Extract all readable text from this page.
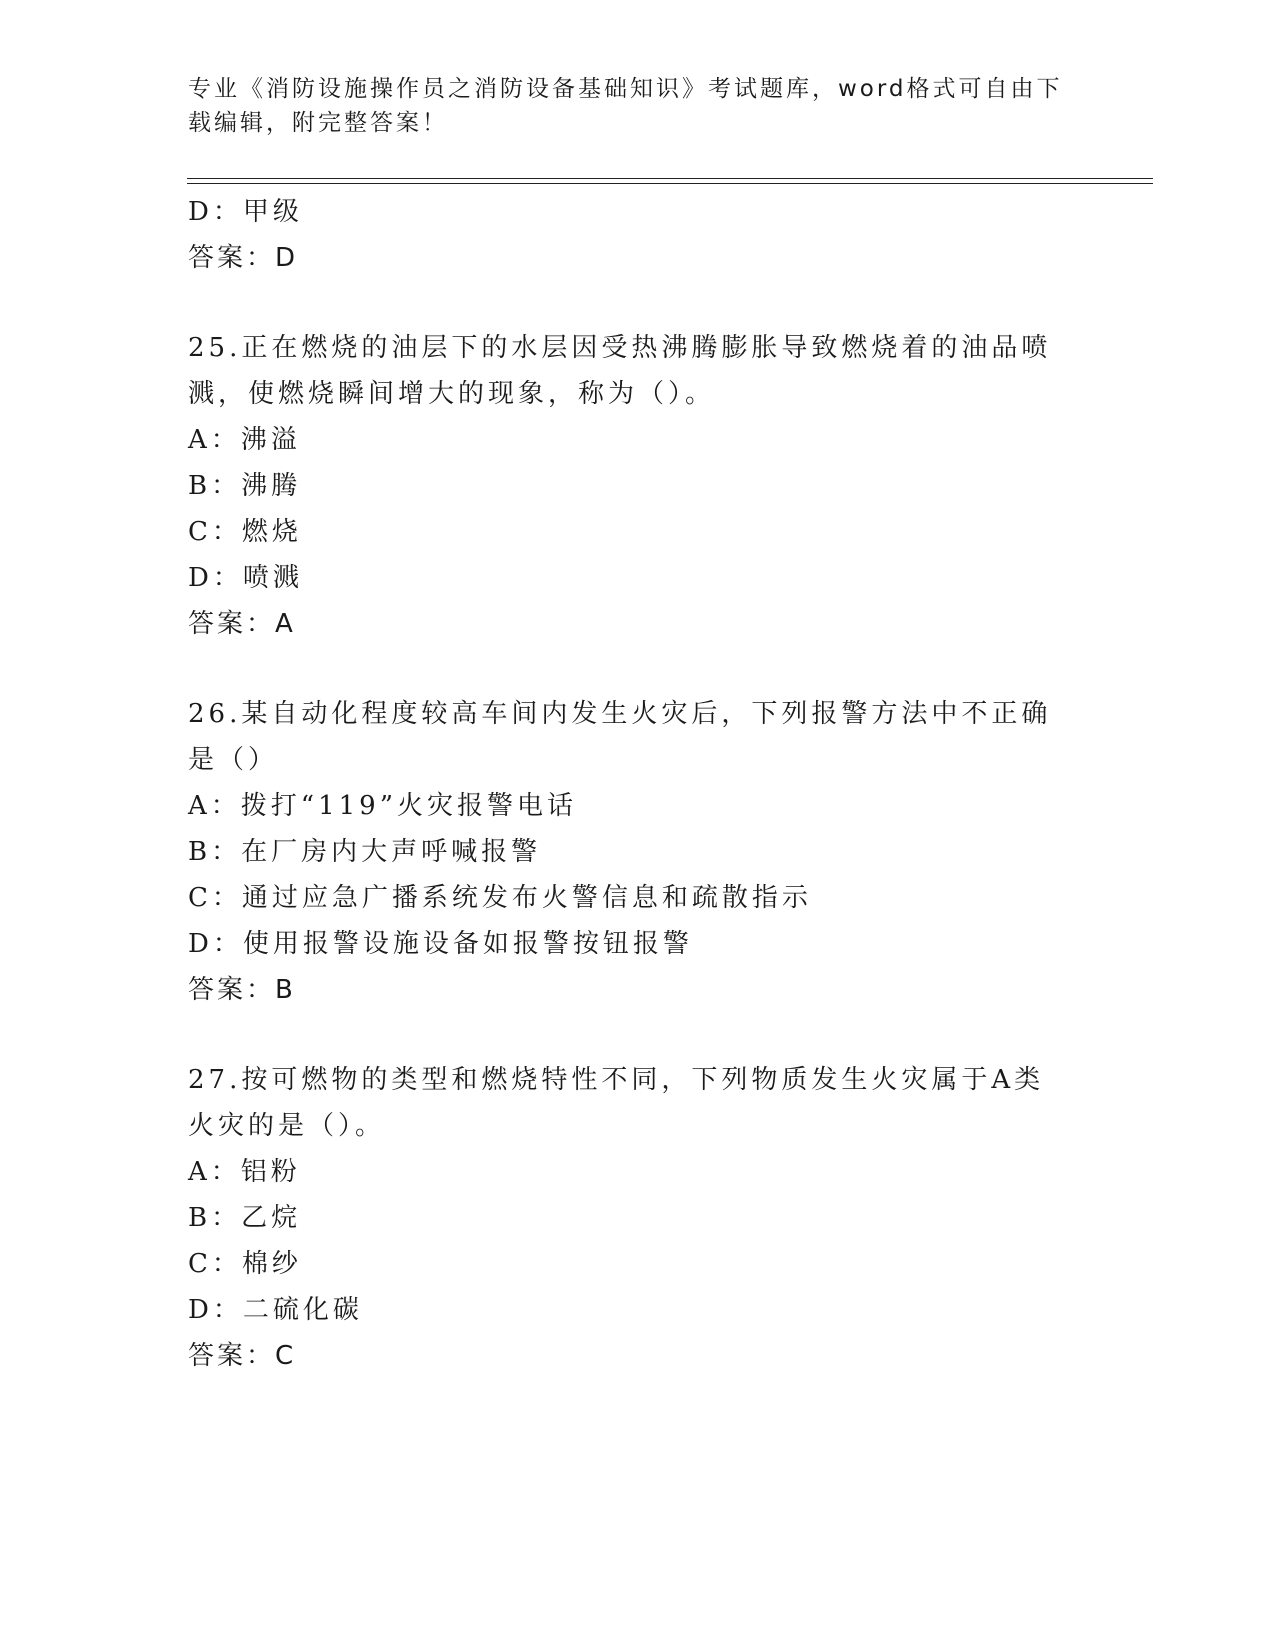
专业《消防设施操作员之消防设备基础知识》考试题库，word格式可自由下载编辑，附完整答案！
D：甲级
答案：D
25.正在燃烧的油层下的水层因受热沸腾膨胀导致燃烧着的油品喷溅，使燃烧瞬间增大的现象，称为（）。
A：沸溢
B：沸腾
C：燃烧
D：喷溅
答案：A
26.某自动化程度较高车间内发生火灾后，下列报警方法中不正确是（）
A：拨打“119”火灾报警电话
B：在厂房内大声呼喊报警
C：通过应急广播系统发布火警信息和疏散指示
D：使用报警设施设备如报警按钮报警
答案：B
27.按可燃物的类型和燃烧特性不同，下列物质发生火灾属于A类火灾的是（）。
A：铝粉
B：乙烷
C：棉纱
D：二硫化碳
答案：C
